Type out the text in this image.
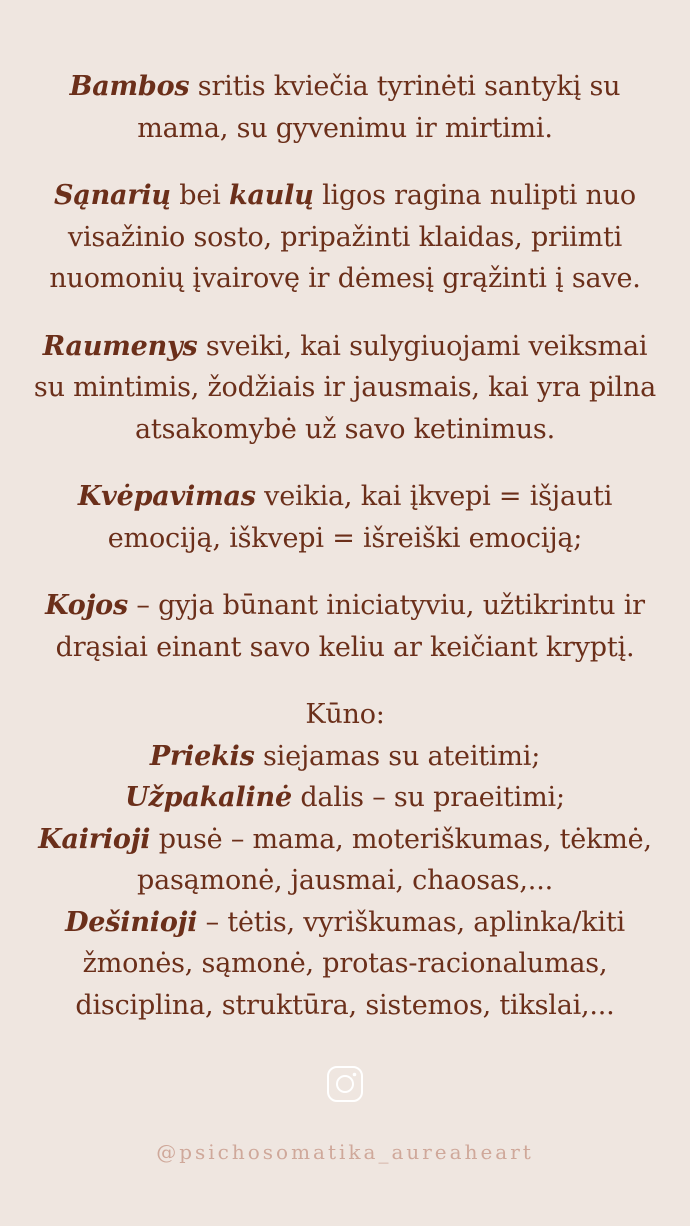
Bambos sritis kviečia tyrinėti santykį su
mama, su gyvenimu ir mirtimi.
Sąnarių bei kaulų ligos ragina nulipti nuo
visažinio sosto, pripažinti klaidas, priimti
nuomonių įvairovę ir dėmesį grąžinti į save.
Raumenys sveiki, kai sulygiuojami veiksmai
su mintimis, žodžiais ir jausmais, kai yra pilna
atsakomybė už savo ketinimus.
Kvėpavimas veikia, kai įkvepi = išjauti
emociją, iškvepi = išreiški emociją;
Kojos – gyja būnant iniciatyviu, užtikrintu ir
drąsiai einant savo keliu ar keičiant kryptį.
Kūno:
Priekis siejamas su ateitimi;
Užpakalinė dalis – su praeitimi;
Kairioji pusė – mama, moteriškumas, tėkmė,
pasąmonė, jausmai, chaosas,...
Dešinioji – tėtis, vyriškumas, aplinka/kiti
žmonės, sąmonė, protas-racionalumas,
disciplina, struktūra, sistemos, tikslai,...
@psichosomatika_aureaheart
